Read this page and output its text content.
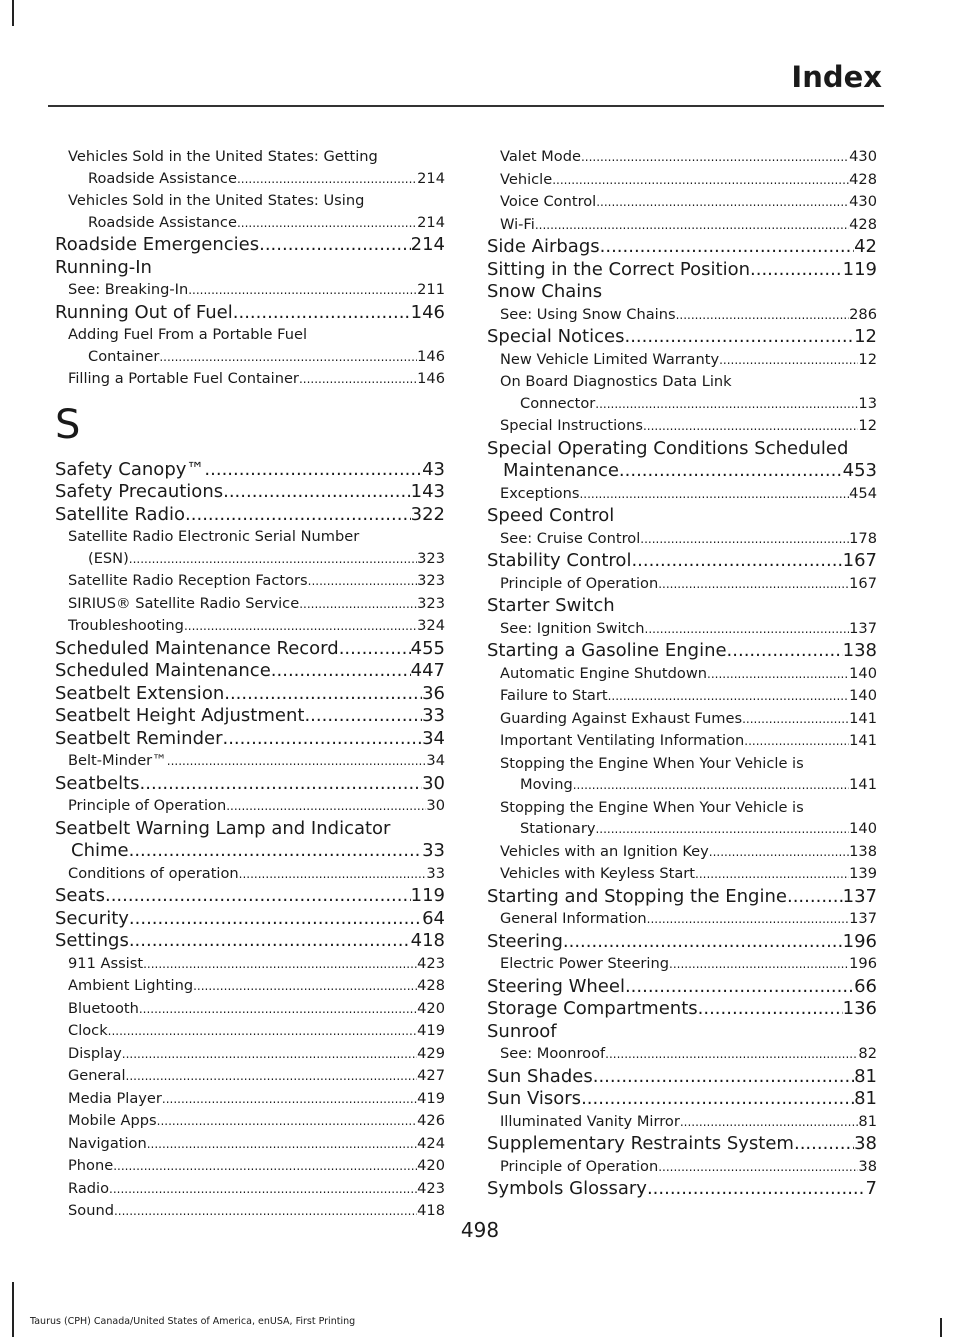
Index
Vehicles Sold in the United States: Getting
Roadside Assistance .....	214
Vehicles Sold in the United States: Using
Roadside Assistance .....	214
Roadside Emergencies .....	214
Running-In
See: Breaking-In .....	211
Running Out of Fuel .....	146
Adding Fuel From a Portable Fuel
Container .....	146
Filling a Portable Fuel Container .....	146
S
Safety Canopy™ .....	43
Safety Precautions .....	143
Satellite Radio .....	322
Satellite Radio Electronic Serial Number
(ESN) .....	323
Satellite Radio Reception Factors .....	323
SIRIUS® Satellite Radio Service .....	323
Troubleshooting .....	324
Scheduled Maintenance Record .....	455
Scheduled Maintenance .....	447
Seatbelt Extension .....	36
Seatbelt Height Adjustment .....	33
Seatbelt Reminder .....	34
Belt-Minder™ .....	34
Seatbelts .....	30
Principle of Operation .....	30
Seatbelt Warning Lamp and Indicator
Chime .....	33
Conditions of operation .....	33
Seats .....	119
Security .....	64
Settings .....	418
911 Assist .....	423
Ambient Lighting .....	428
Bluetooth .....	420
Clock .....	419
Display .....	429
General .....	427
Media Player .....	419
Mobile Apps .....	426
Navigation .....	424
Phone .....	420
Radio .....	423
Sound .....	418
Valet Mode .....	430
Vehicle .....	428
Voice Control .....	430
Wi-Fi .....	428
Side Airbags .....	42
Sitting in the Correct Position .....	119
Snow Chains
See: Using Snow Chains .....	286
Special Notices .....	12
New Vehicle Limited Warranty .....	12
On Board Diagnostics Data Link
Connector .....	13
Special Instructions .....	12
Special Operating Conditions Scheduled
Maintenance .....	453
Exceptions .....	454
Speed Control
See: Cruise Control .....	178
Stability Control .....	167
Principle of Operation .....	167
Starter Switch
See: Ignition Switch .....	137
Starting a Gasoline Engine .....	138
Automatic Engine Shutdown .....	140
Failure to Start .....	140
Guarding Against Exhaust Fumes .....	141
Important Ventilating Information .....	141
Stopping the Engine When Your Vehicle is
Moving .....	141
Stopping the Engine When Your Vehicle is
Stationary .....	140
Vehicles with an Ignition Key .....	138
Vehicles with Keyless Start .....	139
Starting and Stopping the Engine .....	137
General Information .....	137
Steering .....	196
Electric Power Steering .....	196
Steering Wheel .....	66
Storage Compartments .....	136
Sunroof
See: Moonroof .....	82
Sun Shades .....	81
Sun Visors .....	81
Illuminated Vanity Mirror .....	81
Supplementary Restraints System .....	38
Principle of Operation .....	38
Symbols Glossary .....	7
498
Taurus (CPH) Canada/United States of America, enUSA, First Printing
